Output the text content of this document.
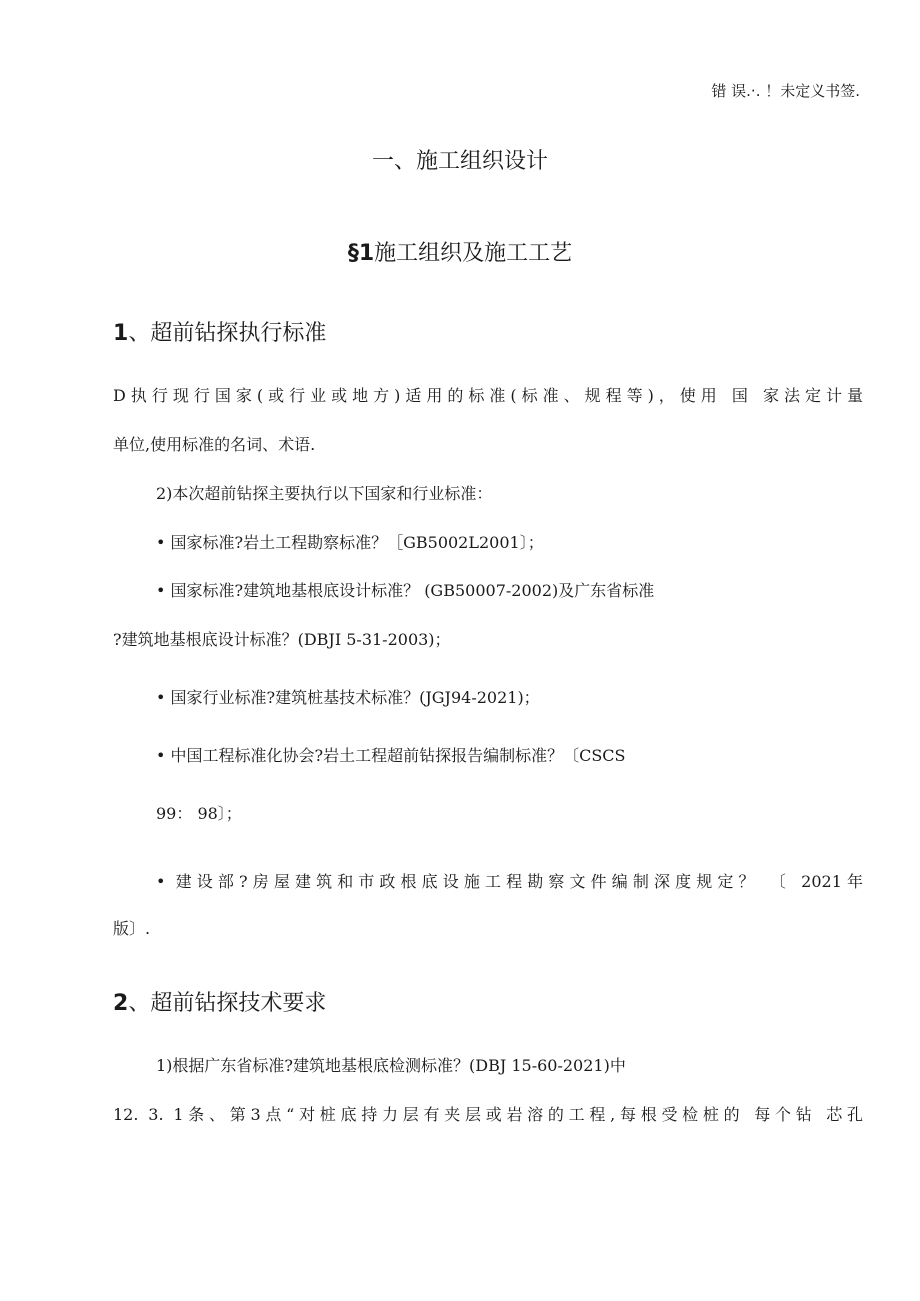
错 误.·. ！未定义书签.
一、施工组织设计
§1施工组织及施工工艺
1、超前钻探执行标准
D执行现行国家(或行业或地方)适用的标准(标准、规程等)，使用 国 家法定计量
单位,使用标准的名词、术语.
2)本次超前钻探主要执行以下国家和行业标准：
• 国家标准?岩土工程勘察标准？［GB5002L2001〕；
• 国家标准?建筑地基根底设计标准？ (GB50007-2002)及广东省标准
?建筑地基根底设计标准？(DBJI 5-31-2003)；
• 国家行业标准?建筑桩基技术标准？(JGJ94-2021)；
• 中国工程标准化协会?岩土工程超前钻探报告编制标准？〔CSCS
99： 98〕；
• 建设部?房屋建筑和市政根底设施工程勘察文件编制深度规定？ 〔 2021年
版〕.
2、超前钻探技术要求
1)根据广东省标准?建筑地基根底检测标准？(DBJ 15-60-2021)中
12. 3. 1条、第3点“对桩底持力层有夹层或岩溶的工程,每根受检桩的 每个钻 芯孔
